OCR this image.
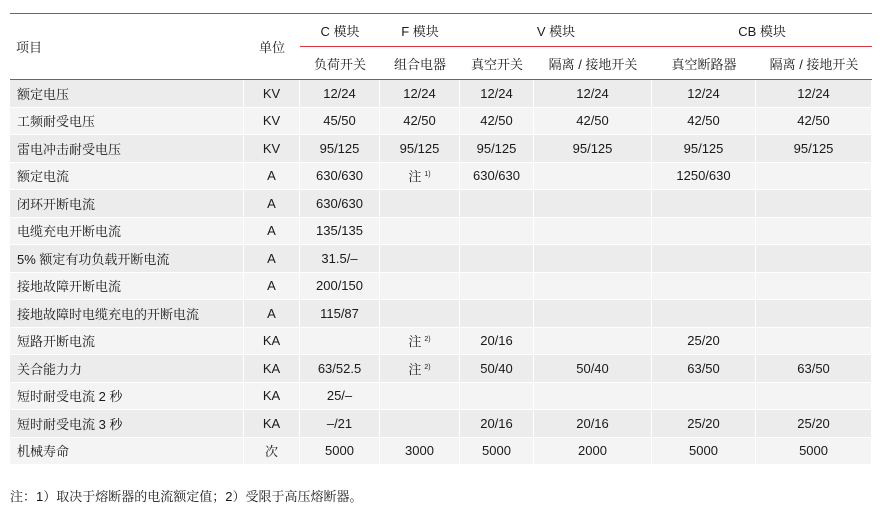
项目	单位	C 模块	F 模块	V 模块		CB 模块	
		负荷开关	组合电器	真空开关	隔离 / 接地开关	真空断路器	隔离 / 接地开关
额定电压	KV	12/24	12/24	12/24	12/24	12/24	12/24
工频耐受电压	KV	45/50	42/50	42/50	42/50	42/50	42/50
雷电冲击耐受电压	KV	95/125	95/125	95/125	95/125	95/125	95/125
额定电流	A	630/630	注 $^{1)}$	630/630		1250/630	
闭环开断电流	A	630/630					
电缆充电开断电流	A	135/135					
5% 额定有功负载开断电流	A	31.5/–					
接地故障开断电流	A	200/150					
接地故障时电缆充电的开断电流	A	115/87					
短路开断电流	KA		注 $^{2)}$	20/16		25/20	
关合能力力	KA	63/52.5	注 $^{2)}$	50/40	50/40	63/50	63/50
短时耐受电流 2 秒	KA	25/–					
短时耐受电流 3 秒	KA	–/21		20/16	20/16	25/20	25/20
机械寿命	次	5000	3000	5000	2000	5000	5000
注：1）取决于熔断器的电流额定值；2）受限于高压熔断器。
